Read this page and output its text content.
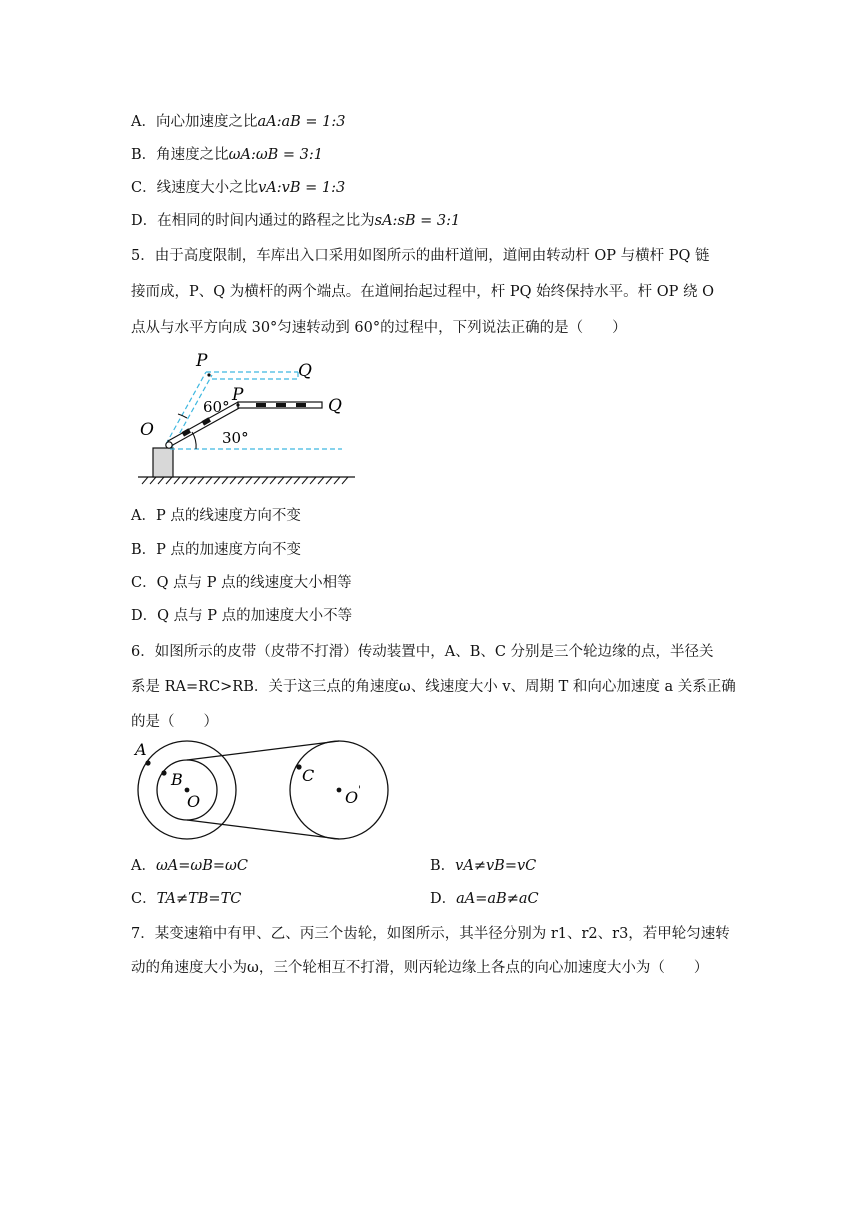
A．向心加速度之比aA:aB = 1:3
B．角速度之比ωA:ωB = 3:1
C．线速度大小之比vA:vB = 1:3
D．在相同的时间内通过的路程之比为sA:sB = 3:1
5．由于高度限制，车库出入口采用如图所示的曲杆道闸，道闸由转动杆 OP 与横杆 PQ 链
接而成，P、Q 为横杆的两个端点。在道闸抬起过程中，杆 PQ 始终保持水平。杆 OP 绕 O
点从与水平方向成 30°匀速转动到 60°的过程中，下列说法正确的是（　　）
O
P	Q
P
Q
60°
30°
A．P 点的线速度方向不变
B．P 点的加速度方向不变
C．Q 点与 P 点的线速度大小相等
D．Q 点与 P 点的加速度大小不等
6．如图所示的皮带（皮带不打滑）传动装置中，A、B、C 分别是三个轮边缘的点，半径关
系是 RA=RC>RB．关于这三点的角速度ω、线速度大小 v、周期 T 和向心加速度 a 关系正确
的是（　　）
A
B
O
C
O '
A．ωA=ωB=ωC	B．vA≠vB=vC
C．TA≠TB=TC	D．aA=aB≠aC
7．某变速箱中有甲、乙、丙三个齿轮，如图所示，其半径分别为 r1、r2、r3，若甲轮匀速转
动的角速度大小为ω，三个轮相互不打滑，则丙轮边缘上各点的向心加速度大小为（　　）
